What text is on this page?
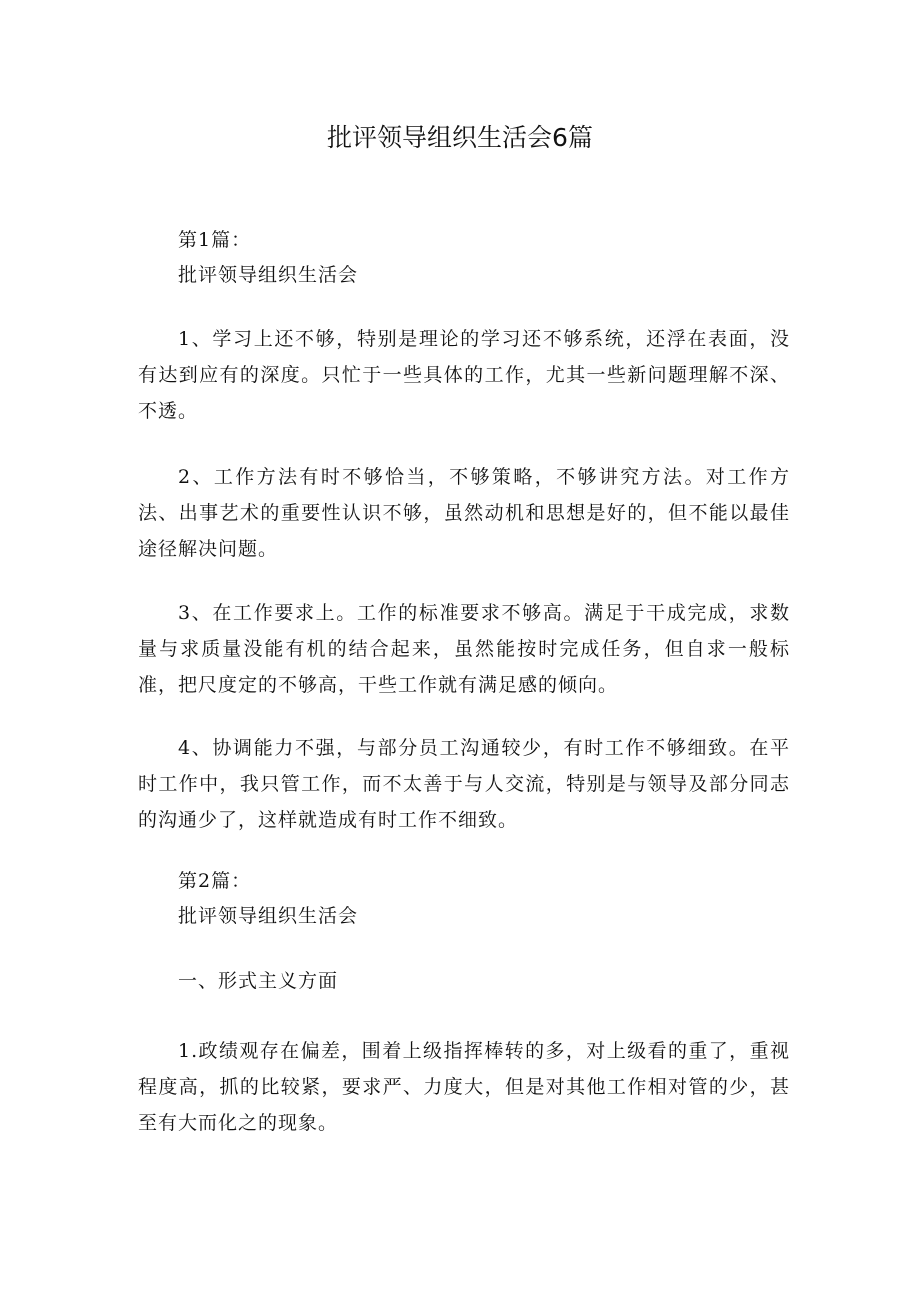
批评领导组织生活会6篇

第1篇：

批评领导组织生活会

1、学习上还不够，特别是理论的学习还不够系统，还浮在表面，没有达到应有的深度。只忙于一些具体的工作，尤其一些新问题理解不深、不透。

2、工作方法有时不够恰当，不够策略，不够讲究方法。对工作方法、出事艺术的重要性认识不够，虽然动机和思想是好的，但不能以最佳途径解决问题。

3、在工作要求上。工作的标准要求不够高。满足于干成完成，求数量与求质量没能有机的结合起来，虽然能按时完成任务，但自求一般标准，把尺度定的不够高，干些工作就有满足感的倾向。

4、协调能力不强，与部分员工沟通较少，有时工作不够细致。在平时工作中，我只管工作，而不太善于与人交流，特别是与领导及部分同志的沟通少了，这样就造成有时工作不细致。

第2篇：

批评领导组织生活会

一、形式主义方面

1.政绩观存在偏差，围着上级指挥棒转的多，对上级看的重了，重视程度高，抓的比较紧，要求严、力度大，但是对其他工作相对管的少，甚至有大而化之的现象。
